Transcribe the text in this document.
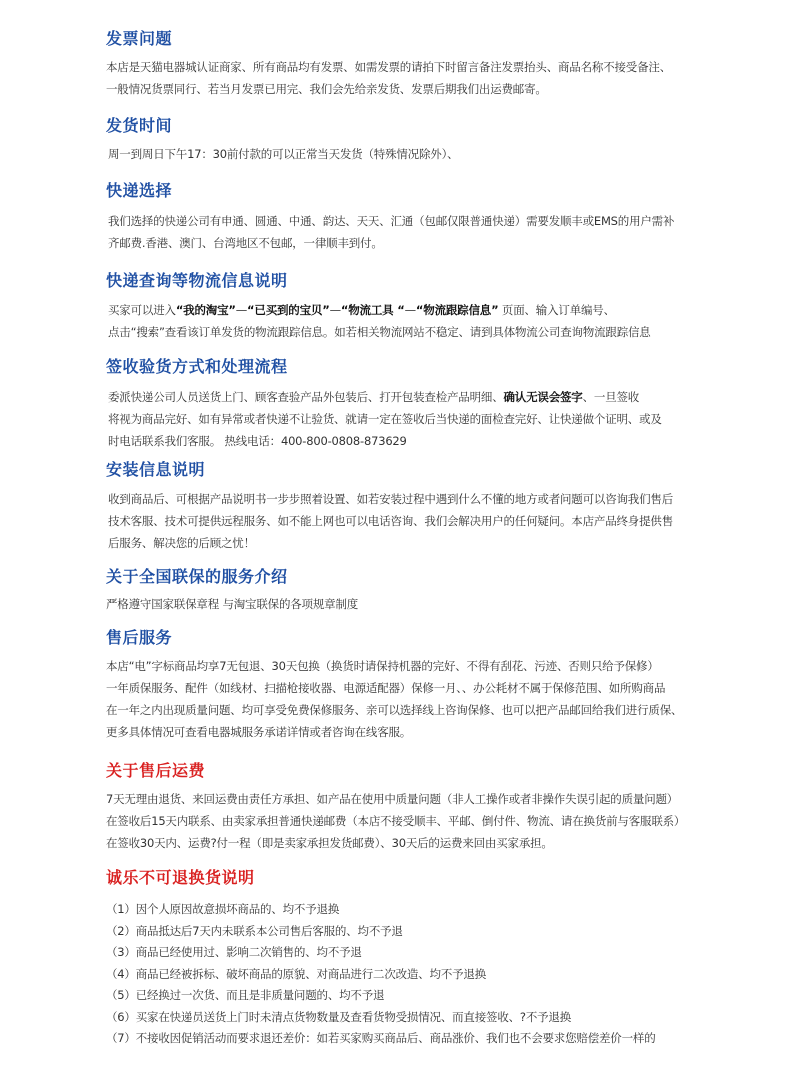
发票问题
本店是天猫电器城认证商家、所有商品均有发票、如需发票的请拍下时留言备注发票抬头、商品名称不接受备注、
一般情况货票同行、若当月发票已用完、我们会先给亲发货、发票后期我们出运费邮寄。
发货时间
周一到周日下午17：30前付款的可以正常当天发货（特殊情况除外）、
快递选择
我们选择的快递公司有申通、圆通、中通、韵达、天天、汇通（包邮仅限普通快递）需要发顺丰或EMS的用户需补
齐邮费.香港、澳门、台湾地区不包邮，一律顺丰到付。
快递查询等物流信息说明
买家可以进入“我的淘宝”—“已买到的宝贝”—“物流工具 “—“物流跟踪信息” 页面、输入订单编号、
点击“搜索”查看该订单发货的物流跟踪信息。如若相关物流网站不稳定、请到具体物流公司查询物流跟踪信息
签收验货方式和处理流程
委派快递公司人员送货上门、顾客查验产品外包装后、打开包装查检产品明细、确认无误会签字、一旦签收
将视为商品完好、如有异常或者快递不让验货、就请一定在签收后当快递的面检查完好、让快递做个证明、或及
时电话联系我们客服。 热线电话：400-800-0808-873629
安装信息说明
收到商品后、可根据产品说明书一步步照着设置、如若安装过程中遇到什么不懂的地方或者问题可以咨询我们售后
技术客服、技术可提供远程服务、如不能上网也可以电话咨询、我们会解决用户的任何疑问。本店产品终身提供售
后服务、解决您的后顾之忧！
关于全国联保的服务介绍
严格遵守国家联保章程 与淘宝联保的各项规章制度
售后服务
本店“电”字标商品均享7无包退、30天包换（换货时请保持机器的完好、不得有刮花、污迹、否则只给予保修）
一年质保服务、配件（如线材、扫描枪接收器、电源适配器）保修一月、、办公耗材不属于保修范围、如所购商品
在一年之内出现质量问题、均可享受免费保修服务、亲可以选择线上咨询保修、也可以把产品邮回给我们进行质保、
更多具体情况可查看电器城服务承诺详情或者咨询在线客服。
关于售后运费
7天无理由退货、来回运费由责任方承担、如产品在使用中质量问题（非人工操作或者非操作失误引起的质量问题）
在签收后15天内联系、由卖家承担普通快递邮费（本店不接受顺丰、平邮、倒付件、物流、请在换货前与客服联系）
在签收30天内、运费?付一程（即是卖家承担发货邮费）、30天后的运费来回由买家承担。
诚乐不可退换货说明
（1）因个人原因故意损坏商品的、均不予退换
（2）商品抵达后7天内未联系本公司售后客服的、均不予退
（3）商品已经使用过、影响二次销售的、均不予退
（4）商品已经被拆标、破坏商品的原貌、对商品进行二次改造、均不予退换
（5）已经换过一次货、而且是非质量问题的、均不予退
（6）买家在快递员送货上门时未清点货物数量及查看货物受损情况、而直接签收、?不予退换
（7）不接收因促销活动而要求退还差价：如若买家购买商品后、商品涨价、我们也不会要求您赔偿差价一样的
